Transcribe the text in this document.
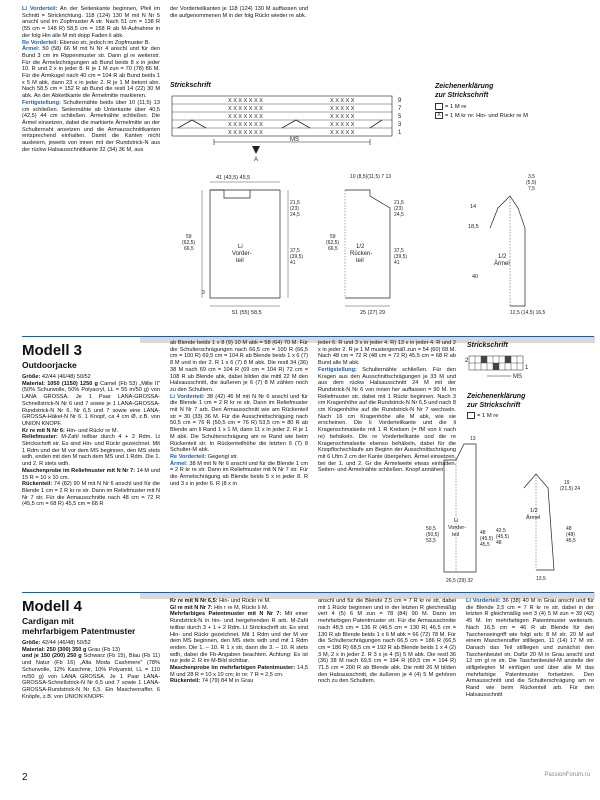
Li Vorderteil: An der Seitenkante beginnen, Pfeil im Schnitt = Strickrichtung. 118 (124) 130 M mit N Nr 5 anschl und im Zopfmuster A str. Nach 51 cm = 138 R (55 cm = 148 R) 58,5 cm = 158 R ab M-Aufnahme in der folg Hin alle M mit dopp Faden li abk.

Re Vorderteil: Ebenso str, jedoch im Zopfmuster B.

Ärmel: 50 (58) 66 M mit N Nr 4 anschl und für den Bund 3 cm im Rippenmuster str. Dann gl re weiterstr. Für die Ärmelschrägungen ab Bund beids 8 x in jeder 10. R und 2 x in jeder 8. R je 1 M zun = 70 (78) 86 M. Für die Armkugel nach 40 cm = 104 R ab Bund beids 1 x 5 M abk, dann 23 x in jeder 2. R je 1 M betont abn. Nach 58,5 cm = 152 R ab Bund die restl 14 (22) 30 M abk. An der Abkettkante die Ärmelmitte markieren.

Fertigstellung: Schulternähte beids über 10 (11,5) 13 cm schließen. Seitennähte ab Unterkante über 40,5 (42,5) 44 cm schließen. Ärmelnähte schließen. Die Ärmel einsetzen, dabei die markierte Ärmelmitte an der Schulternaht ansetzen und die Armausschnittkanten entsprechend einhalten. Damit die Kanten nicht ausleiern, jeweils von innen mit der Rundstrick-N aus der rückw Halsausschnittkante 32 (34) 36 M, aus

der Vorderteilkanten je 118 (124) 130 M auffassen und die aufgenommenen M in der folg Rückr wieder re abk.

Strickschrift
X X X X X X X
X X X X X X X
X X X X X X X
X X X X X X X
X X X X X X X
X X X X X
X X X X X
X X X X X
X X X X X
X X X X X
MS
A
9
7
5
3
1
Zeichenerklärung
zur Strickschrift
= 1 M re
X = 1 M kr re: Hin- und Rückr re M
41 (43,5) 45,5
Li Vorder-teil
59 (62,5) 66,5
21,5 (23) 24,5
37,5 (39,5) 41
51 (55) 58,5
3
1/2 Rücken-teil
59 (62,5) 66,5
21,5 (23) 24,5
37,5 (39,5) 41
25 (27) 29
10 (8,5)(11,5) 7 13
1/2 Ärmel
3,5 (5,5) 7,5
14
18,5
40
12,5 (14,5) 16,5
Modell 3
Outdoorjacke

Größe: 42/44 (46/48) 50/52

Material: 1050 (1150) 1250 g Camel (Fb 53) „Mille II" (50% Schurwolle, 50% Polyacryl, LL = 55 m/50 g) von LANA GROSSA. Je 1 Paar LANA-GROSSA-Schnellstrick-N Nr 6 und 7 sowie je 1 LANA-GROSSA-Rundstrick-N Nr 6. Nr 6,5 und 7 sowie eine LANA-GROSSA-Häkel-N Nr 6. 1 Knopf, ca 4 cm Ø, z.B. von UNION KNOPF.

Kr re mit N Nr 6: Hin- und Rückr re M.

Reliefmuster: M-Zahl teilbar durch 4 + 2 Rdm. Lt Strickschrift str. Es sind Hin- und Rückr gezeichnet. Mit 1 Rdm und der M vor dem MS beginnen, den MS stets wdh, enden mit den M nach dem MS und 1 Rdm. Die 1. und 2. R stets wdh.

Maschenprobe im Reliefmuster mit N Nr 7: 14 M und 15 R = 10 x 10 cm.

Rückenteil: 74 (82) 90 M mit N Nr 6 anschl und für die Blende 1 cm = 2 R kr re str. Dann im Reliefmuster mit N Nr 7 str. Für die Armausschnitte nach 48 cm = 72 R (45,5 cm = 68 R) 45,5 cm = 68 R

ab Blende beids 1 x 8 (9) 10 M abk = 58 (64) 70 M. Für die Schulterschrägungen nach 66,5 cm = 100 R (66,5 cm = 100 R) 69,5 cm = 104 R ab Blende beids 1 x 6 (7) 8 M und in der 2. R 1 x 6 (7) 8 M abk. Die restl 34 (36) 38 M nach 69 cm = 104 R (69 cm = 104 R) 72 cm = 108 R ab Blende abk, dabei bilden die mittl 22 M den Halsausschnitt, die äußeren je 6 (7) 8 M zählen noch zu den Schultern.

Li Vorderteil: 38 (42) 46 M mit N Nr 6 anschl und für die Blende 1 cm = 2 R kr re str. Dann im Reliefmuster mit N Nr 7 arb. Den Armausschnitt wie am Rückenteil str = 30 (33) 36 M. Für die Ausschnittschrägung nach 50,5 cm = 76 R (50,5 cm = 76 R) 53,5 cm = 80 R ab Blende am li Rand 1 x 1 M, dann 11 x in jeder 2. R je 1 M abk. Die Schulterschrägung am re Rand wie beim Rückenteil str. In Rückenteilhöhe die letzten 6 (7) 8 Schulter-M abk.

Re Vorderteil: Gegengl str.

Ärmel: 38 M mit N Nr 6 anschl und für die Blende 1 cm = 2 R kr re str. Dann im Reliefmuster mit N Nr 7 str. Für die Ärmelschrägung ab Blende beids 5 x in jeder 8. R und 3 x in jeder 6. R (8 x in

jeder 6. R und 3 x in jeder 4. R) 13 x in jeder 4. R und 2 x in jeder 2. R je 1 M mustergemäß zun = 54 (60) 68 M. Nach 48 cm = 72 R (48 cm = 72 R) 45,5 cm = 68 R ab Bund alle M abk.

Fertigstellung: Schulternähte schließen. Für den Kragen aus den Ausschnittschrägungen je 33 M und aus dem rückw Halsausschnitt 24 M mit der Rundstrick-N Nr 6 von innen her auffassen = 90 M. Im Reliefmuster str, dabei mit 1 Rückr beginnen. Nach 3 cm Kragenhöhe auf die Rundstrick-N Nr 6,5 und nach 8 cm Kragenhöhe auf die Rundstrick-N Nr 7 wechseln. Nach 16 cm Kragenhöhe alle M abk, wie sie erscheinen. Die li Vorderteilkante und die li Kragenschmalseite mit 1 R Krebsm (= fM von li nach re) behäkeln. Die re Vorderteilkante und die re Kragenschmalseite ebenso behäkeln, dabei für die Knopflochschlaufe am Beginn der Ausschnittschrägung mit 6 Lftm 2 cm der Kante übergehen. Ärmel einsetzen, bei der 1. und 2. Gr die Ärmelweite etwas einhalten. Seiten- und Ärmelnähte schließen. Knopf annähen.

Strickschrift
MS
2
1
Zeichenerklärung
zur Strickschrift
= 1 M re
Li Vorder-teil
13
50,5 (50,5) 53,5
48 (45,5) 45,5
42,5 (45,5) 48
26,5 (29) 32
1/2 Ärmel
19 (21,5) 24
48 (48) 45,5
13,5
Modell 4
Cardigan mit
mehrfarbigem Patentmuster

Größe: 42/44 (46/48) 50/52

Material: 250 (300) 350 g Grau (Fb 13)

und je 150 (200) 250 g Schwarz (Fb 15), Blau (Fb 11) und Natur (Fb 16) „Alta Moda Cashmere" (78% Schurwolle, 12% Kaschmir, 10% Polyamid, LL = 110 m/50 g) von LANA GROSSA. Je 1 Paar LANA-GROSSA-Schnellstrick-N Nr 6,5 und 7 sowie 1 LANA-GROSSA-Rundstrick-N Nr 6,5. Ein Maschenraffer. 6 Knöpfe, z.B. von UNION KNOPF.

Kr re mit N Nr 6,5: Hin- und Rückr re M.

Gl re mit N Nr 7: Hin r re M, Rückr li M.

Mehrfarbiges Patentmuster mit N Nr 7: Mit einer Rundstrick-N in hin- und hergehenden R arb. M-Zahl teilbar durch 3 + 1 + 2 Rdm. Lt Strickschrift str. Es sind Hin- und Rückr gezeichnet. Mit 1 Rdm und der M vor dem MS beginnen, den MS stets wdh und mit 1 Rdm enden. Die 1. – 10. R 1 x str, dann die 3. – 10. R stets wdh, dabei die Fb-Angaben beachten. Achtung: Es ist nur jede 2. R im M-Bild sichtbar.

Maschenprobe im mehrfarbigen Patentmuster: 14,5 M und 28 R = 10 x 10 cm; kr re: 7 R = 2,5 cm.

Rückenteil: 74 (79) 84 M in Grau

anschl und für die Blende 2,5 cm = 7 R kr re str, dabei mit 1 Rückr beginnen und in der letzten R gleichmäßig vert 4 (5) 6 M zun = 78 (84) 90 M. Dann im mehrfarbigen Patentmuster str. Für die Armausschnitte nach 48,5 cm = 136 R (46,5 cm = 130 R) 46,5 cm = 130 R ab Blende beids 1 x 6 M abk = 66 (72) 78 M. Für die Schulterschrägungen nach 66,5 cm = 186 R (66,5 cm = 186 R) 68,5 cm = 192 R ab Blende beids 1 x 4 (2) 3 M, 2 x in jeder 2. R 3 x je 4 (5) 5 M abk. Die restl 36 (36) 38 M nach 69,5 cm = 194 R (69,5 cm = 194 R) 71,5 cm = 200 R ab Blende abk. Die mittl 26 M bilden den Halsausschnitt, die äußeren je 4 (4) 5 M gehören noch zu den Schultern.

Li Vorderteil: 36 (38) 40 M in Grau anschl und für die Blende 2,5 cm = 7 R kr re str, dabei in der letzten R gleichmäßig vert 3 (4) 5 M zun = 39 (42) 45 M. Im mehrfarbigen Patentmuster weiterarb. Nach 16,5 cm = 46 R ab Blende für den Taschenseingriff wie folgt arb: 8 M str, 20 M auf einem Maschenraffer stilllegen, 11 (14) 17 M str. Danach das Teil stilllegen und zunächst den Taschenbeutel str. Dafür 20 M in Grau anschl und 12 cm gl re str. Die Taschenbeutel-M anstelle der stillgelegten M einfügen und über alle M das mehrfarbige Patentmuster fortsetzen. Den Armausschnitt und die Schulterschrägung am re Rand wie beim Rückenteil arb. Für den Halsausschnitt

2	PassionForum.ru
